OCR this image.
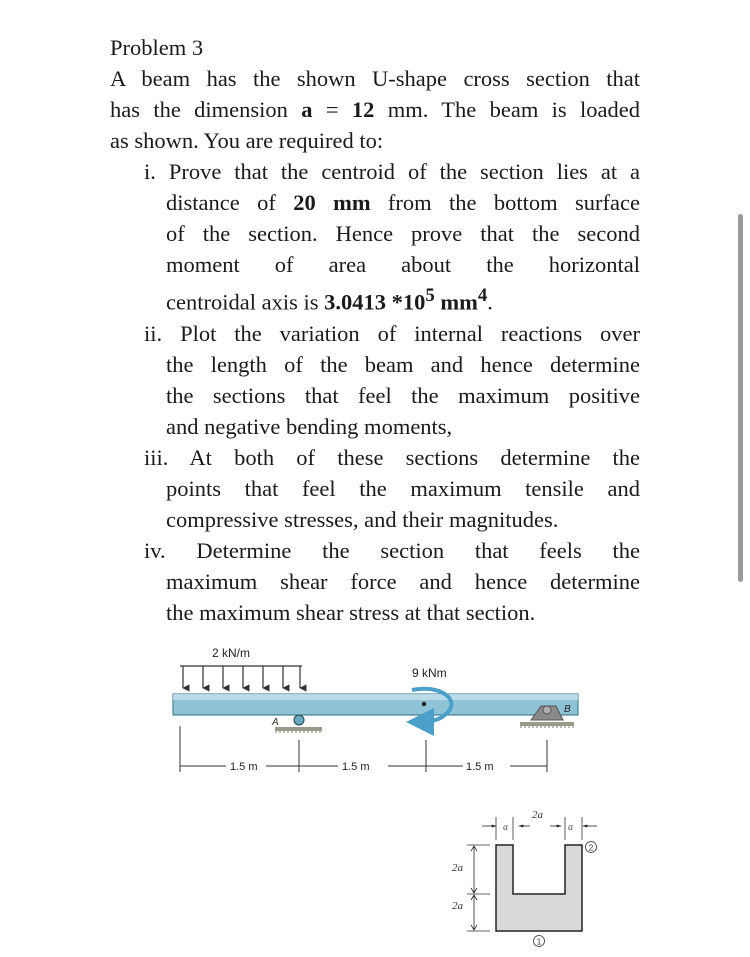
Problem 3
A beam has the shown U-shape cross section that
has the dimension a = 12 mm. The beam is loaded
as shown. You are required to:
i. Prove that the centroid of the section lies at a
distance of 20 mm from the bottom surface
of the section. Hence prove that the second
moment of area about the horizontal
centroidal axis is 3.0413 $*10^5$ $mm^4$.
ii. Plot the variation of internal reactions over
the length of the beam and hence determine
the sections that feel the maximum positive
and negative bending moments,
iii. At both of these sections determine the
points that feel the maximum tensile and
compressive stresses, and their magnitudes.
iv. Determine the section that feels the
maximum shear force and hence determine
the maximum shear stress at that section.
2 kN/m
9 kNm
A
B
1.5 m	1.5 m	1.5 m
a
2a
a
2a
2a
1
2
